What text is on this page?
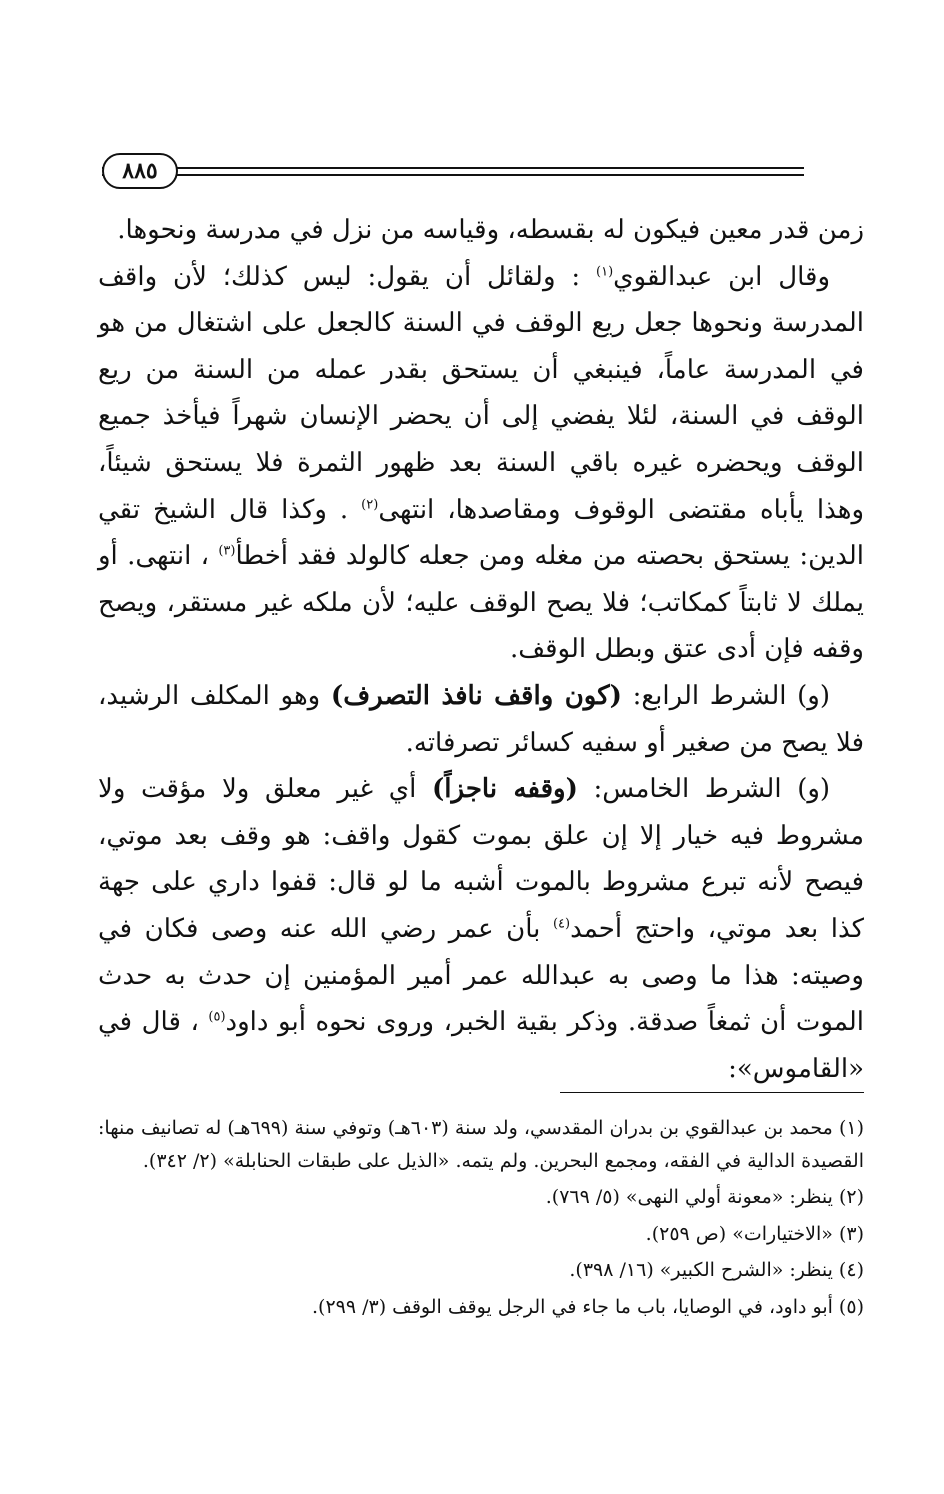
٨٨٥

زمن قدر معين فيكون له بقسطه، وقياسه من نزل في مدرسة ونحوها.

وقال ابن عبدالقوي$^{(١)}$ : ولقائل أن يقول: ليس كذلك؛ لأن واقف المدرسة ونحوها جعل ريع الوقف في السنة كالجعل على اشتغال من هو في المدرسة عاماً، فينبغي أن يستحق بقدر عمله من السنة من ريع الوقف في السنة، لئلا يفضي إلى أن يحضر الإنسان شهراً فيأخذ جميع الوقف ويحضره غيره باقي السنة بعد ظهور الثمرة فلا يستحق شيئاً، وهذا يأباه مقتضى الوقوف ومقاصدها، انتهى$^{(٢)}$ . وكذا قال الشيخ تقي الدين: يستحق بحصته من مغله ومن جعله كالولد فقد أخطأ$^{(٣)}$ ، انتهى. أو يملك لا ثابتاً كمكاتب؛ فلا يصح الوقف عليه؛ لأن ملكه غير مستقر، ويصح وقفه فإن أدى عتق وبطل الوقف.

(و) الشرط الرابع: (كون واقف نافذ التصرف) وهو المكلف الرشيد، فلا يصح من صغير أو سفيه كسائر تصرفاته.

(و) الشرط الخامس: (وقفه ناجزاً) أي غير معلق ولا مؤقت ولا مشروط فيه خيار إلا إن علق بموت كقول واقف: هو وقف بعد موتي، فيصح لأنه تبرع مشروط بالموت أشبه ما لو قال: قفوا داري على جهة كذا بعد موتي، واحتج أحمد$^{(٤)}$ بأن عمر رضي الله عنه وصى فكان في وصيته: هذا ما وصى به عبدالله عمر أمير المؤمنين إن حدث به حدث الموت أن ثمغاً صدقة. وذكر بقية الخبر، وروى نحوه أبو داود$^{(٥)}$ ، قال في «القاموس»:

(١) محمد بن عبدالقوي بن بدران المقدسي، ولد سنة (٦٠٣هـ) وتوفي سنة (٦٩٩هـ) له تصانيف منها: القصيدة الدالية في الفقه، ومجمع البحرين. ولم يتمه. «الذيل على طبقات الحنابلة» (٢/ ٣٤٢).

(٢) ينظر: «معونة أولي النهى» (٥/ ٧٦٩).

(٣) «الاختيارات» (ص ٢٥٩).

(٤) ينظر: «الشرح الكبير» (١٦/ ٣٩٨).

(٥) أبو داود، في الوصايا، باب ما جاء في الرجل يوقف الوقف (٣/ ٢٩٩).
